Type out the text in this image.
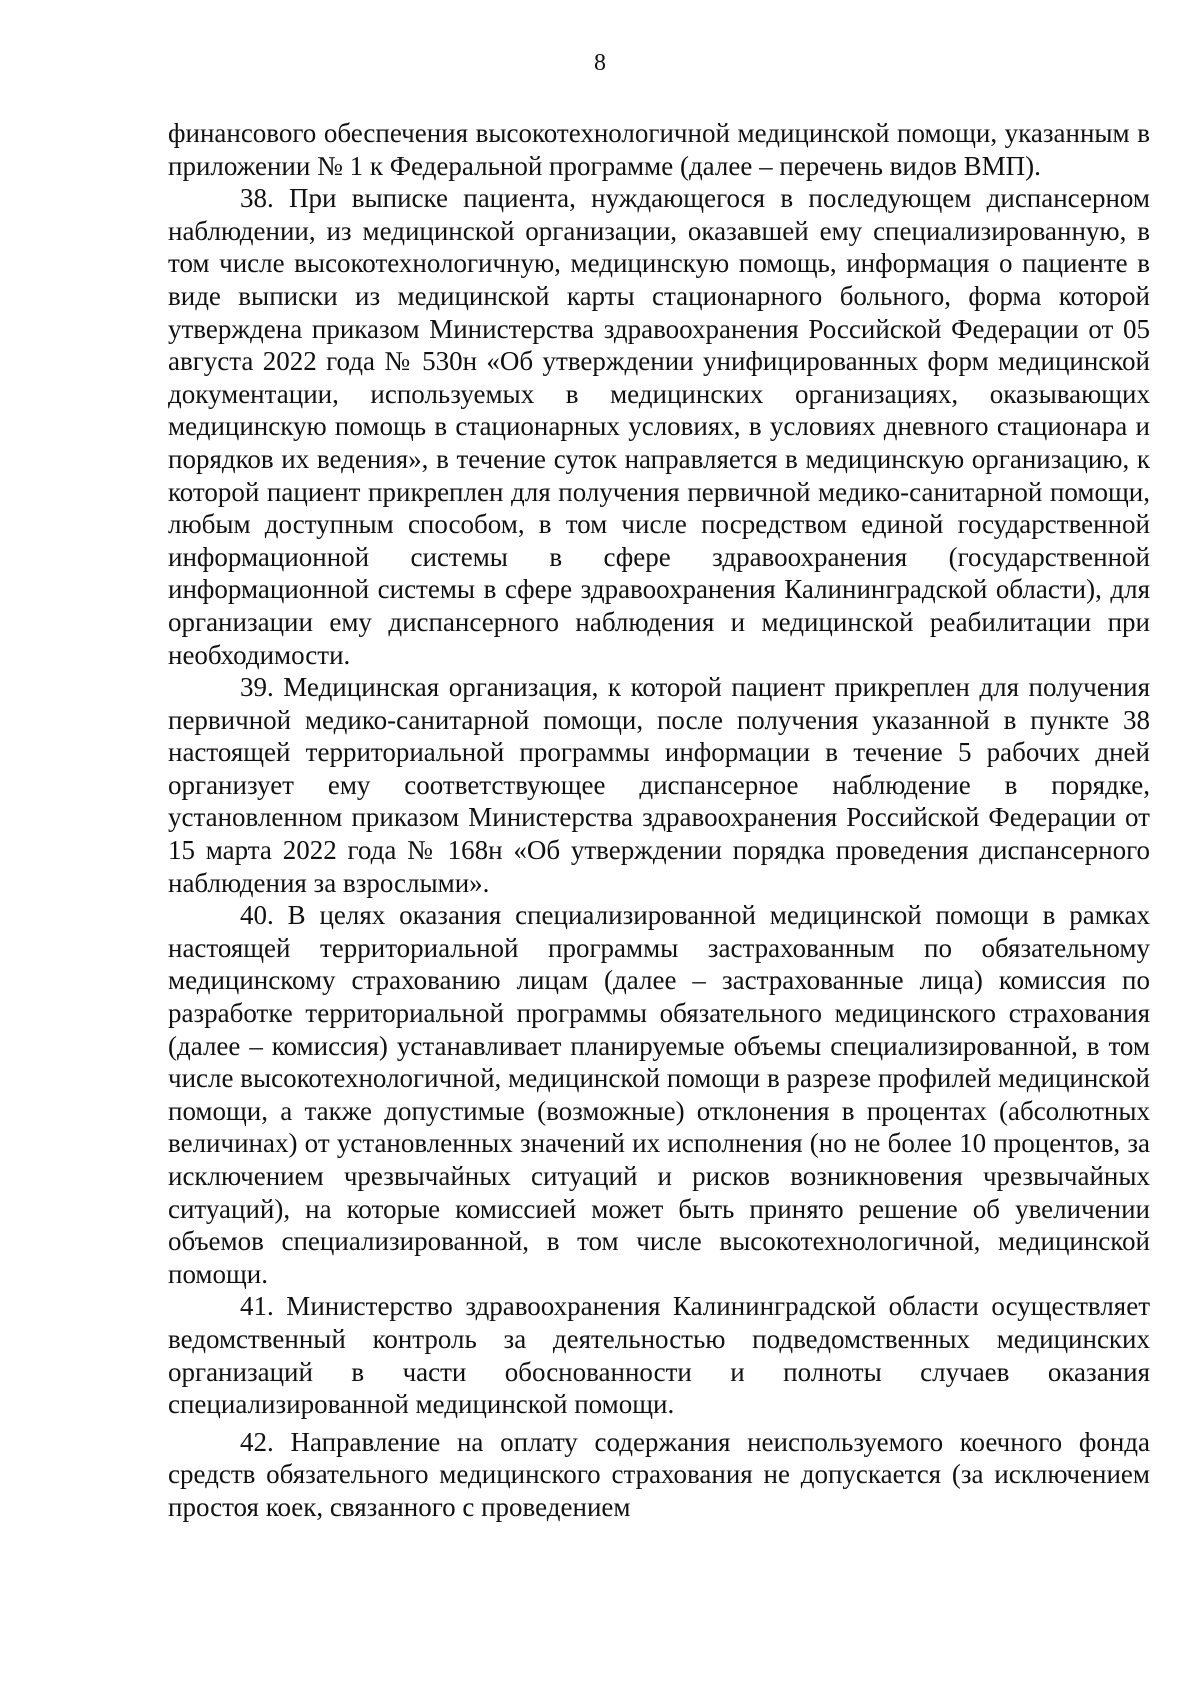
8

финансового обеспечения высокотехнологичной медицинской помощи, указанным в приложении № 1 к Федеральной программе (далее – перечень видов ВМП).

38. При выписке пациента, нуждающегося в последующем диспансерном наблюдении, из медицинской организации, оказавшей ему специализированную, в том числе высокотехнологичную, медицинскую помощь, информация о пациенте в виде выписки из медицинской карты стационарного больного, форма которой утверждена приказом Министерства здравоохранения Российской Федерации от 05 августа 2022 года № 530н «Об утверждении унифицированных форм медицинской документации, используемых в медицинских организациях, оказывающих медицинскую помощь в стационарных условиях, в условиях дневного стационара и порядков их ведения», в течение суток направляется в медицинскую организацию, к которой пациент прикреплен для получения первичной медико-санитарной помощи, любым доступным способом, в том числе посредством единой государственной информационной системы в сфере здравоохранения (государственной информационной системы в сфере здравоохранения Калининградской области), для организации ему диспансерного наблюдения и медицинской реабилитации при необходимости.

39. Медицинская организация, к которой пациент прикреплен для получения первичной медико-санитарной помощи, после получения указанной в пункте 38 настоящей территориальной программы информации в течение 5 рабочих дней организует ему соответствующее диспансерное наблюдение в порядке, установленном приказом Министерства здравоохранения Российской Федерации от 15 марта 2022 года № 168н «Об утверждении порядка проведения диспансерного наблюдения за взрослыми».

40. В целях оказания специализированной медицинской помощи в рамках настоящей территориальной программы застрахованным по обязательному медицинскому страхованию лицам (далее – застрахованные лица) комиссия по разработке территориальной программы обязательного медицинского страхования (далее – комиссия) устанавливает планируемые объемы специализированной, в том числе высокотехнологичной, медицинской помощи в разрезе профилей медицинской помощи, а также допустимые (возможные) отклонения в процентах (абсолютных величинах) от установленных значений их исполнения (но не более 10 процентов, за исключением чрезвычайных ситуаций и рисков возникновения чрезвычайных ситуаций), на которые комиссией может быть принято решение об увеличении объемов специализированной, в том числе высокотехнологичной, медицинской помощи.

41. Министерство здравоохранения Калининградской области осуществляет ведомственный контроль за деятельностью подведомственных медицинских организаций в части обоснованности и полноты случаев оказания специализированной медицинской помощи.

42. Направление на оплату содержания неиспользуемого коечного фонда средств обязательного медицинского страхования не допускается (за исключением простоя коек, связанного с проведением
